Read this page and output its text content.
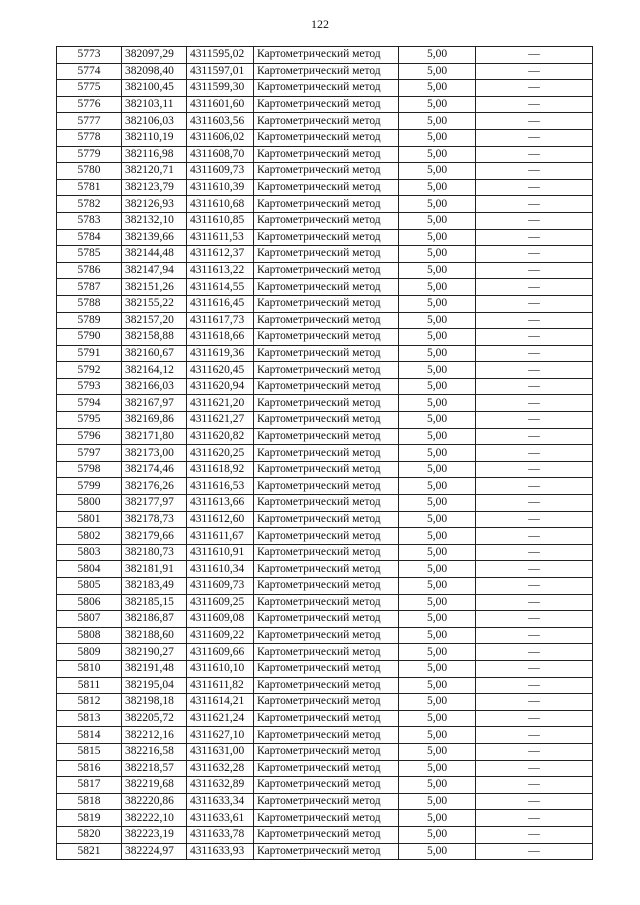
122
5773	382097,29	4311595,02	Картометрический метод	5,00	—
5774	382098,40	4311597,01	Картометрический метод	5,00	—
5775	382100,45	4311599,30	Картометрический метод	5,00	—
5776	382103,11	4311601,60	Картометрический метод	5,00	—
5777	382106,03	4311603,56	Картометрический метод	5,00	—
5778	382110,19	4311606,02	Картометрический метод	5,00	—
5779	382116,98	4311608,70	Картометрический метод	5,00	—
5780	382120,71	4311609,73	Картометрический метод	5,00	—
5781	382123,79	4311610,39	Картометрический метод	5,00	—
5782	382126,93	4311610,68	Картометрический метод	5,00	—
5783	382132,10	4311610,85	Картометрический метод	5,00	—
5784	382139,66	4311611,53	Картометрический метод	5,00	—
5785	382144,48	4311612,37	Картометрический метод	5,00	—
5786	382147,94	4311613,22	Картометрический метод	5,00	—
5787	382151,26	4311614,55	Картометрический метод	5,00	—
5788	382155,22	4311616,45	Картометрический метод	5,00	—
5789	382157,20	4311617,73	Картометрический метод	5,00	—
5790	382158,88	4311618,66	Картометрический метод	5,00	—
5791	382160,67	4311619,36	Картометрический метод	5,00	—
5792	382164,12	4311620,45	Картометрический метод	5,00	—
5793	382166,03	4311620,94	Картометрический метод	5,00	—
5794	382167,97	4311621,20	Картометрический метод	5,00	—
5795	382169,86	4311621,27	Картометрический метод	5,00	—
5796	382171,80	4311620,82	Картометрический метод	5,00	—
5797	382173,00	4311620,25	Картометрический метод	5,00	—
5798	382174,46	4311618,92	Картометрический метод	5,00	—
5799	382176,26	4311616,53	Картометрический метод	5,00	—
5800	382177,97	4311613,66	Картометрический метод	5,00	—
5801	382178,73	4311612,60	Картометрический метод	5,00	—
5802	382179,66	4311611,67	Картометрический метод	5,00	—
5803	382180,73	4311610,91	Картометрический метод	5,00	—
5804	382181,91	4311610,34	Картометрический метод	5,00	—
5805	382183,49	4311609,73	Картометрический метод	5,00	—
5806	382185,15	4311609,25	Картометрический метод	5,00	—
5807	382186,87	4311609,08	Картометрический метод	5,00	—
5808	382188,60	4311609,22	Картометрический метод	5,00	—
5809	382190,27	4311609,66	Картометрический метод	5,00	—
5810	382191,48	4311610,10	Картометрический метод	5,00	—
5811	382195,04	4311611,82	Картометрический метод	5,00	—
5812	382198,18	4311614,21	Картометрический метод	5,00	—
5813	382205,72	4311621,24	Картометрический метод	5,00	—
5814	382212,16	4311627,10	Картометрический метод	5,00	—
5815	382216,58	4311631,00	Картометрический метод	5,00	—
5816	382218,57	4311632,28	Картометрический метод	5,00	—
5817	382219,68	4311632,89	Картометрический метод	5,00	—
5818	382220,86	4311633,34	Картометрический метод	5,00	—
5819	382222,10	4311633,61	Картометрический метод	5,00	—
5820	382223,19	4311633,78	Картометрический метод	5,00	—
5821	382224,97	4311633,93	Картометрический метод	5,00	—
